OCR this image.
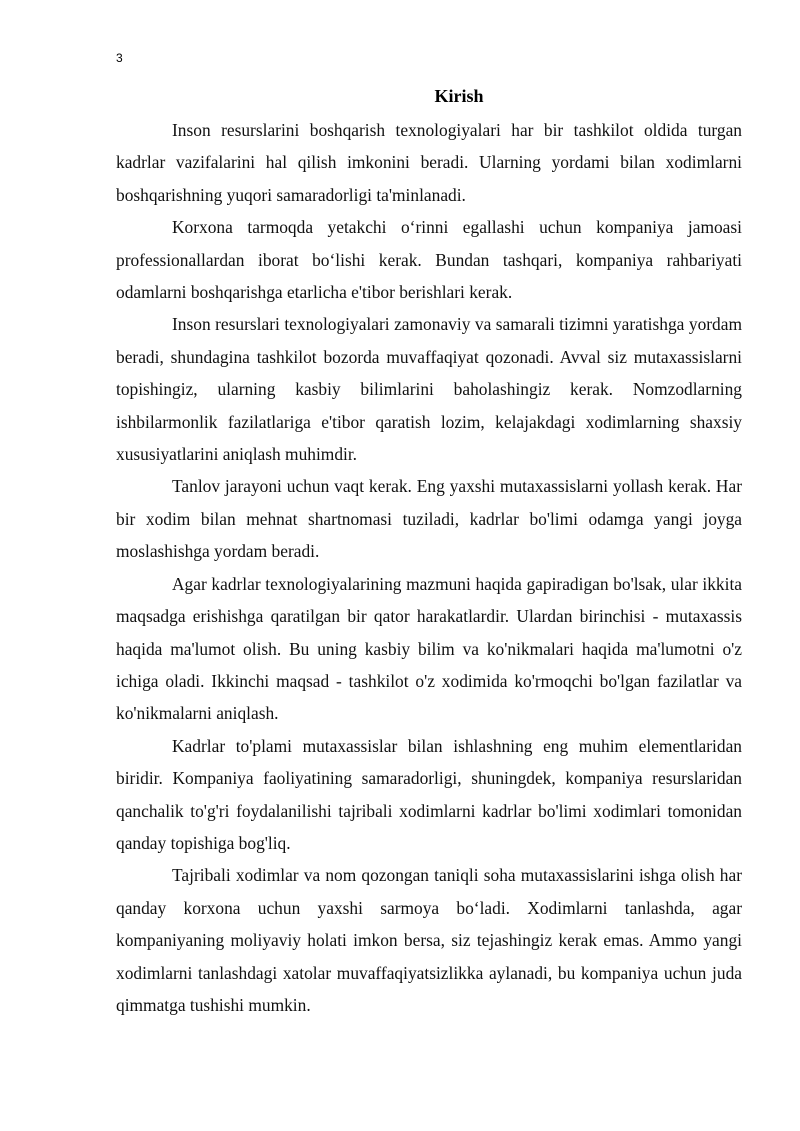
3
Kirish

Inson resurslarini boshqarish texnologiyalari har bir tashkilot oldida turgan kadrlar vazifalarini hal qilish imkonini beradi. Ularning yordami bilan xodimlarni boshqarishning yuqori samaradorligi ta'minlanadi.

Korxona tarmoqda yetakchi o‘rinni egallashi uchun kompaniya jamoasi professionallardan iborat bo‘lishi kerak. Bundan tashqari, kompaniya rahbariyati odamlarni boshqarishga etarlicha e'tibor berishlari kerak.

Inson resurslari texnologiyalari zamonaviy va samarali tizimni yaratishga yordam beradi, shundagina tashkilot bozorda muvaffaqiyat qozonadi. Avval siz mutaxassislarni topishingiz, ularning kasbiy bilimlarini baholashingiz kerak. Nomzodlarning ishbilarmonlik fazilatlariga e'tibor qaratish lozim, kelajakdagi xodimlarning shaxsiy xususiyatlarini aniqlash muhimdir.

Tanlov jarayoni uchun vaqt kerak. Eng yaxshi mutaxassislarni yollash kerak. Har bir xodim bilan mehnat shartnomasi tuziladi, kadrlar bo'limi odamga yangi joyga moslashishga yordam beradi.

Agar kadrlar texnologiyalarining mazmuni haqida gapiradigan bo'lsak, ular ikkita maqsadga erishishga qaratilgan bir qator harakatlardir. Ulardan birinchisi - mutaxassis haqida ma'lumot olish. Bu uning kasbiy bilim va ko'nikmalari haqida ma'lumotni o'z ichiga oladi. Ikkinchi maqsad - tashkilot o'z xodimida ko'rmoqchi bo'lgan fazilatlar va ko'nikmalarni aniqlash.

Kadrlar to'plami mutaxassislar bilan ishlashning eng muhim elementlaridan biridir. Kompaniya faoliyatining samaradorligi, shuningdek, kompaniya resurslaridan qanchalik to'g'ri foydalanilishi tajribali xodimlarni kadrlar bo'limi xodimlari tomonidan qanday topishiga bog'liq.

Tajribali xodimlar va nom qozongan taniqli soha mutaxassislarini ishga olish har qanday korxona uchun yaxshi sarmoya bo‘ladi. Xodimlarni tanlashda, agar kompaniyaning moliyaviy holati imkon bersa, siz tejashingiz kerak emas. Ammo yangi xodimlarni tanlashdagi xatolar muvaffaqiyatsizlikka aylanadi, bu kompaniya uchun juda qimmatga tushishi mumkin.
